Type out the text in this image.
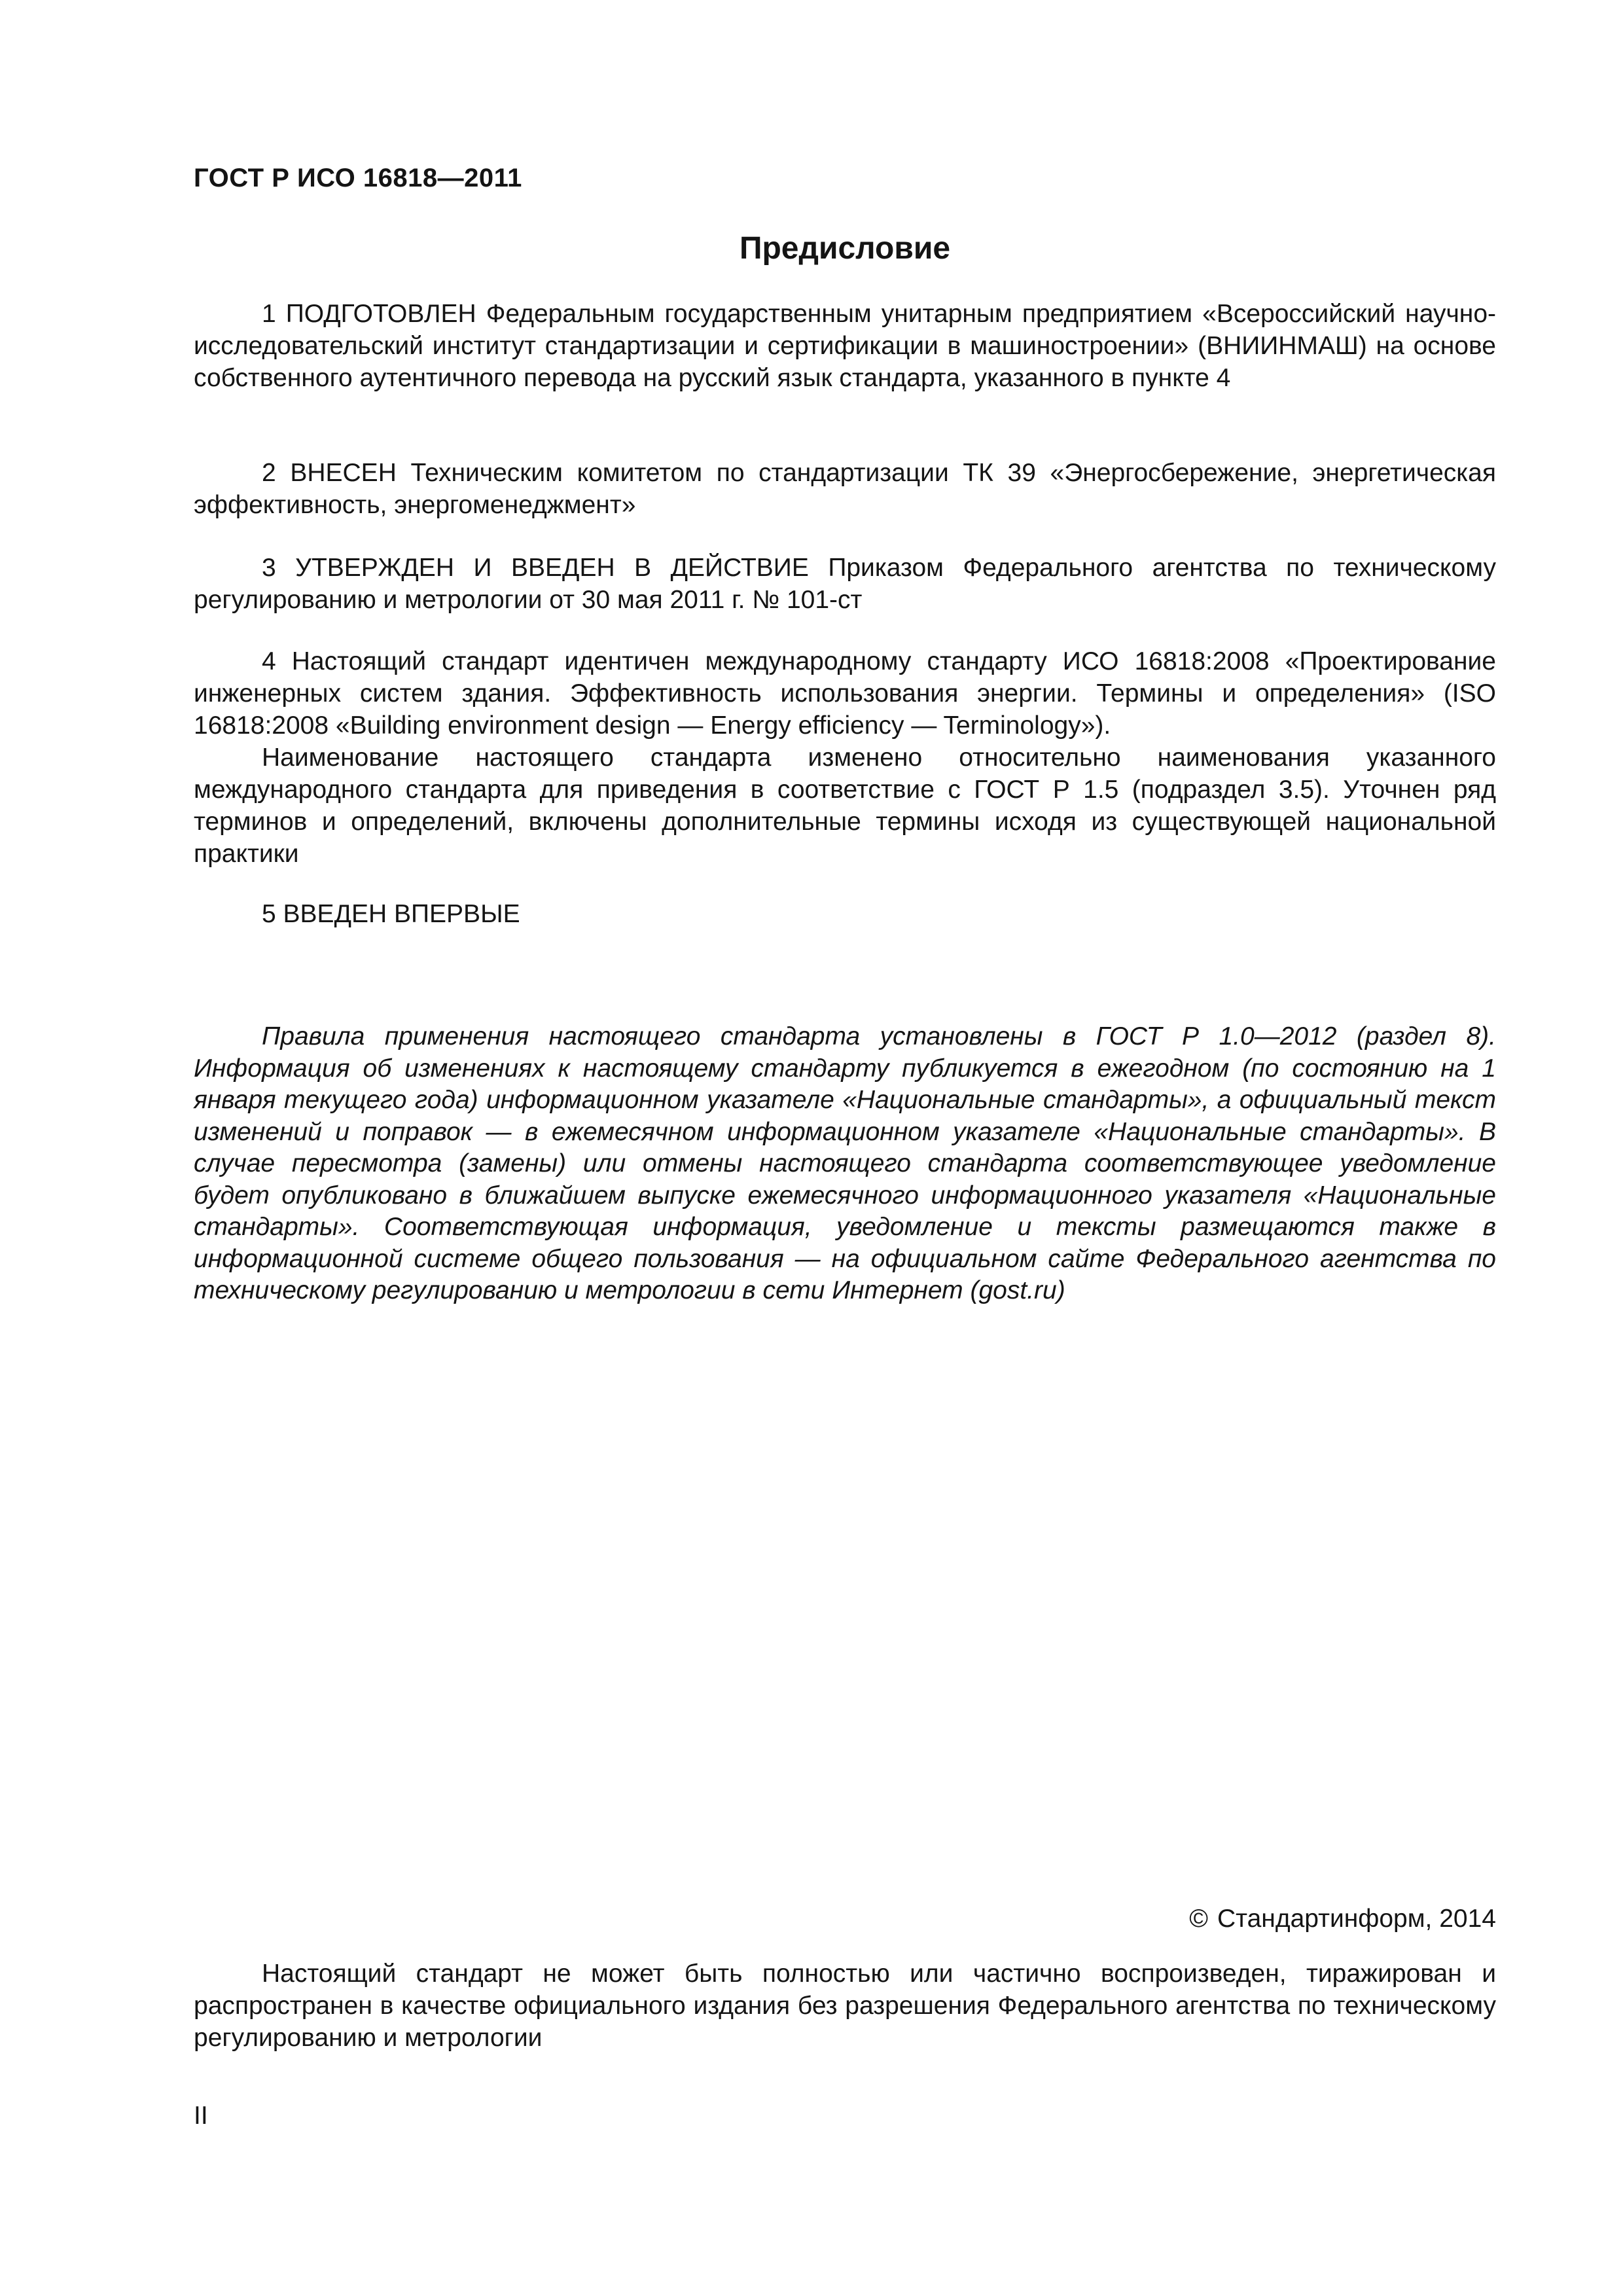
ГОСТ Р ИСО 16818—2011
Предисловие

1 ПОДГОТОВЛЕН Федеральным государственным унитарным предприятием «Всероссийский научно-исследовательский институт стандартизации и сертификации в машиностроении» (ВНИИНМАШ) на основе собственного аутентичного перевода на русский язык стандарта, указанного в пункте 4

2 ВНЕСЕН Техническим комитетом по стандартизации ТК 39 «Энергосбережение, энергетическая эффективность, энергоменеджмент»

3 УТВЕРЖДЕН И ВВЕДЕН В ДЕЙСТВИЕ Приказом Федерального агентства по техническому регулированию и метрологии от 30 мая 2011 г. № 101-ст

4 Настоящий стандарт идентичен международному стандарту ИСО 16818:2008 «Проектирование инженерных систем здания. Эффективность использования энергии. Термины и определения» (ISO 16818:2008 «Building environment design — Energy efficiency — Terminology»).

Наименование настоящего стандарта изменено относительно наименования указанного международного стандарта для приведения в соответствие с ГОСТ Р 1.5 (подраздел 3.5). Уточнен ряд терминов и определений, включены дополнительные термины исходя из существующей национальной практики

5 ВВЕДЕН ВПЕРВЫЕ

Правила применения настоящего стандарта установлены в ГОСТ Р 1.0—2012 (раздел 8). Информация об изменениях к настоящему стандарту публикуется в ежегодном (по состоянию на 1 января текущего года) информационном указателе «Национальные стандарты», а официальный текст изменений и поправок — в ежемесячном информационном указателе «Национальные стандарты». В случае пересмотра (замены) или отмены настоящего стандарта соответствующее уведомление будет опубликовано в ближайшем выпуске ежемесячного информационного указателя «Национальные стандарты». Соответствующая информация, уведомление и тексты размещаются также в информационной системе общего пользования — на официальном сайте Федерального агентства по техническому регулированию и метрологии в сети Интернет (gost.ru)

© Стандартинформ, 2014

Настоящий стандарт не может быть полностью или частично воспроизведен, тиражирован и распространен в качестве официального издания без разрешения Федерального агентства по техническому регулированию и метрологии

II
